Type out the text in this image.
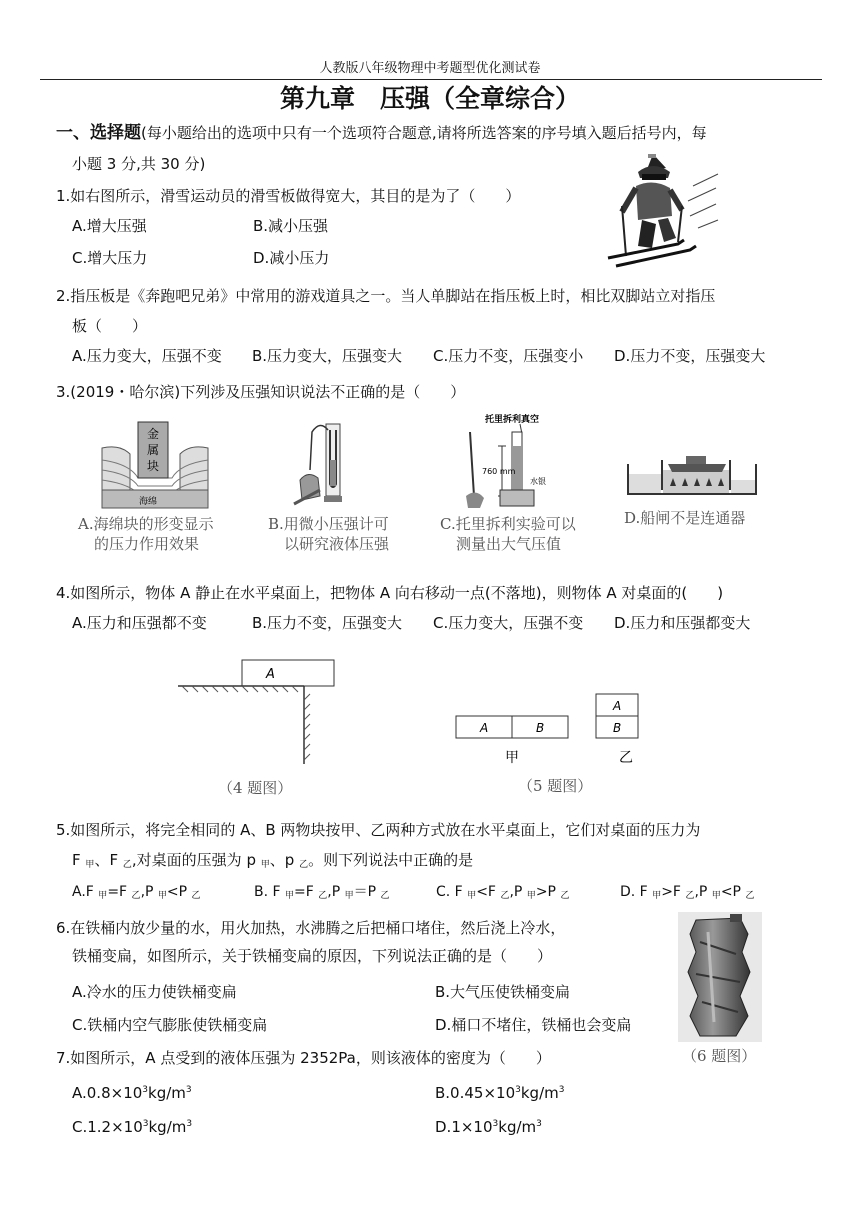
人教版八年级物理中考题型优化测试卷
第九章　压强（全章综合）
一、选择题(每小题给出的选项中只有一个选项符合题意,请将所选答案的序号填入题后括号内，每
小题 3 分,共 30 分)
1.如右图所示，滑雪运动员的滑雪板做得宽大，其目的是为了（　　）
A.增大压强	B.减小压强
C.增大压力	D.减小压力
2.指压板是《奔跑吧兄弟》中常用的游戏道具之一。当人单脚站在指压板上时，相比双脚站立对指压
板（　　）
A.压力变大，压强不变 B.压力变大，压强变大 C.压力不变，压强变小 D.压力不变，压强变大
3.(2019・哈尔滨)下列涉及压强知识说法不正确的是（　　）
金
属
块
海绵
A.海绵块的形变显示
的压力作用效果
B.用微小压强计可
以研究液体压强
托里拆利真空
760 mm
水银
C.托里拆利实验可以
测量出大气压值
D.船闸不是连通器
4.如图所示，物体 A 静止在水平桌面上，把物体 A 向右移动一点(不落地)，则物体 A 对桌面的(　　)
A.压力和压强都不变	B.压力不变，压强变大 C.压力变大，压强不变 D.压力和压强都变大
A
（4 题图）
A	B
甲
A
B
乙
（5 题图）
5.如图所示，将完全相同的 A、B 两物块按甲、乙两种方式放在水平桌面上，它们对桌面的压力为
F $_甲$、F $_乙$,对桌面的压强为 p $_甲$、p $_乙$。则下列说法中正确的是
A.F $_甲$=F $_乙$,P $_甲$<P $_乙$	B. F $_甲$=F $_乙$,P $_甲$＝P $_乙$	C. F $_甲$<F $_乙$,P $_甲$>P $_乙$	D. F $_甲$>F $_乙$,P $_甲$<P $_乙$
6.在铁桶内放少量的水，用火加热，水沸腾之后把桶口堵住，然后浇上冷水，
铁桶变扁，如图所示，关于铁桶变扁的原因，下列说法正确的是（　　）
A.冷水的压力使铁桶变扁	B.大气压使铁桶变扁
C.铁桶内空气膨胀使铁桶变扁	D.桶口不堵住，铁桶也会变扁
（6 题图）
7.如图所示，A 点受到的液体压强为 2352Pa，则该液体的密度为（　　）
$A.0.8\times 10^3kg/m^3$	$B.0.45\times 10^3kg/m^3$
$C.1.2\times 10^3kg/m^3$	$D.1\times 10^3kg/m^3$
